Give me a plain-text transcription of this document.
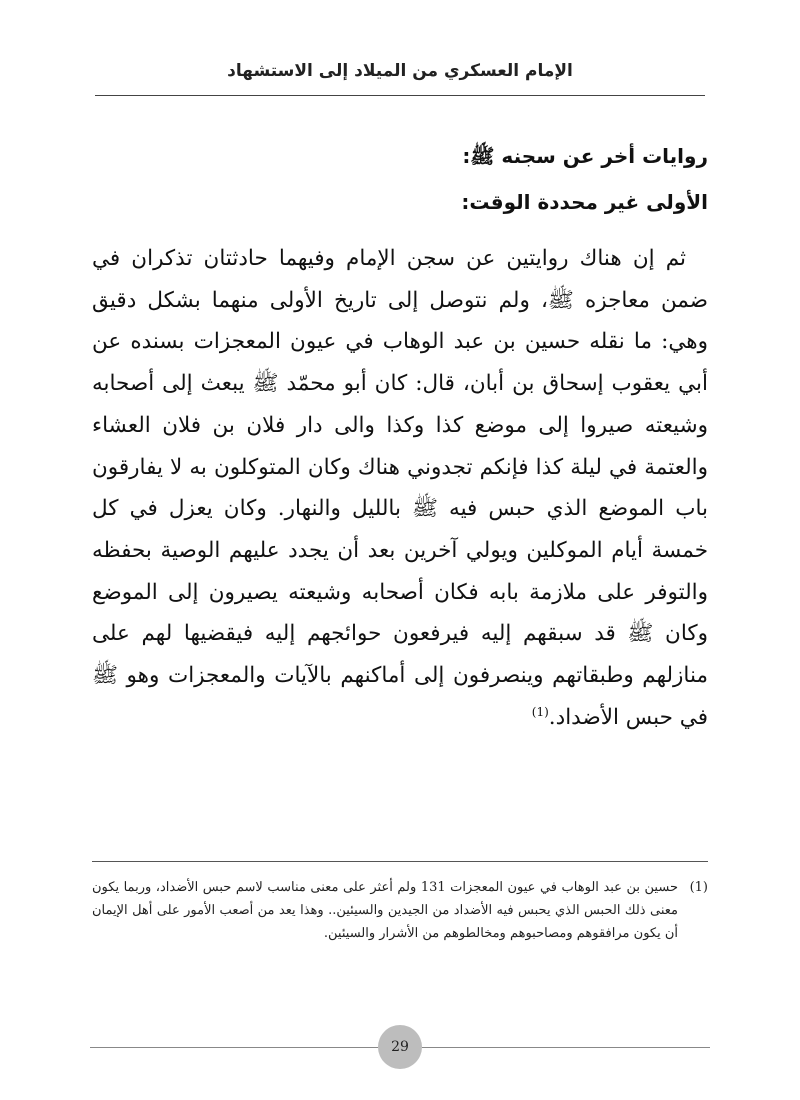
الإمام العسكري من الميلاد إلى الاستشهاد
روايات أخر عن سجنه ﷺ:
الأولى غير محددة الوقت:

ثم إن هناك روايتين عن سجن الإمام وفيهما حادثتان تذكران في ضمن معاجزه ﷺ، ولم نتوصل إلى تاريخ الأولى منهما بشكل دقيق وهي: ما نقله حسين بن عبد الوهاب في عيون المعجزات بسنده عن أبي يعقوب إسحاق بن أبان، قال: كان أبو محمّد ﷺ يبعث إلى أصحابه وشيعته صيروا إلى موضع كذا وكذا والى دار فلان بن فلان العشاء والعتمة في ليلة كذا فإنكم تجدوني هناك وكان المتوكلون به لا يفارقون باب الموضع الذي حبس فيه ﷺ بالليل والنهار. وكان يعزل في كل خمسة أيام الموكلين ويولي آخرين بعد أن يجدد عليهم الوصية بحفظه والتوفر على ملازمة بابه فكان أصحابه وشيعته يصيرون إلى الموضع وكان ﷺ قد سبقهم إليه فيرفعون حوائجهم إليه فيقضيها لهم على منازلهم وطبقاتهم وينصرفون إلى أماكنهم بالآيات والمعجزات وهو ﷺ في حبس الأضداد.$^{(1)}$

(1)
حسين بن عبد الوهاب في عيون المعجزات 131 ولم أعثر على معنى مناسب لاسم حبس الأضداد، وربما يكون معنى ذلك الحبس الذي يحبس فيه الأضداد من الجيدين والسيئين.. وهذا يعد من أصعب الأمور على أهل الإيمان أن يكون مرافقوهم ومصاحبوهم ومخالطوهم من الأشرار والسيئين.
29
